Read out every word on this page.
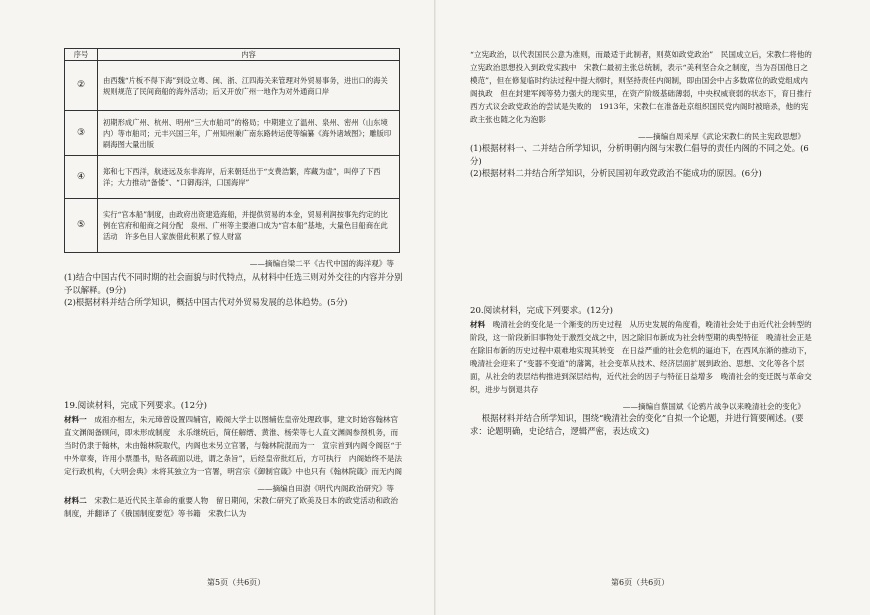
序号	内容
②	由西魏“片板不得下海”到设立粤、闽、浙、江四海关来管理对外贸易事务，进出口的海关规则规范了民间商船的海外活动；后又开放广州一地作为对外通商口岸
③	初期形成广州、杭州、明州“三大市舶司”的格局；中期建立了温州、泉州、密州（山东境内）等市舶司；元丰兴国三年，广州知州兼广南东路转运使等编纂《海外诸域图》；雕版印刷海图大量出版
④	郑和七下西洋，航迹远及东非海岸，后来朝廷出于“支费浩繁，库藏为虚”，叫停了下西洋；大力推动“备倭”、“口御海洋，口国海岸”
⑤	实行“官本船”制度，由政府出资建造海船，并提供贸易的本金，贸易利润按事先约定的比例在官府和船商之间分配　泉州、广州等主要港口成为“官本船”基地，大量色目船商在此活动　许多色目人家族借此积累了惊人财富
——摘编自梁二平《古代中国的海洋观》等

(1)结合中国古代不同时期的社会面貌与时代特点，从材料中任选三则对外交往的内容并分别予以解释。(9分)

(2)根据材料并结合所学知识，概括中国古代对外贸易发展的总体趋势。(5分)

19.阅读材料，完成下列要求。(12分)

材料一　成祖亦相左，朱元璋曾设置四辅官，殿阁大学士以图辅佐皇帝处理政事，建文时始容翰林官直文渊阁备顾问，即未形成制度　永乐继统后，简任解缙、黄淮、杨荣等七人直文渊阁参预机务，而当时仍隶于翰林，未由翰林院取代，内阁也未另立官署，与翰林院混而为一　宣宗首到内阁令阁臣“于中外章奏，许用小票墨书，贴各疏面以进，谓之条旨”，后经皇帝批红后，方可执行　内阁始终不是法定行政机构，《大明会典》未将其独立为一官署，明宫宗《御制官箴》中也只有《翰林院箴》而无内阁

——摘编自田澍《明代内阁政治研究》等

材料二　宋教仁是近代民主革命的重要人物　留日期间，宋教仁研究了欧美及日本的政党活动和政治制度，并翻译了《俄国制度要览》等书籍　宋教仁认为

第5页（共6页）

“立宪政治，以代表国民公意为准则，而最适于此制者，则莫如政党政治”　民国成立后，宋教仁将他的立宪政治思想投入到政党实践中　宋教仁最初主张总统制，表示“美利坚合众之制度，当为吾国他日之模范”，但在修复临时约法过程中提大纲时，则坚持责任内阁制，即由国会中占多数席位的政党组成内阁执政　但在封建军阀等势力强大的现实里，在资产阶级基础薄弱，中央权威衰弱的状态下，育日推行西方式议会政党政治的尝试是失败的　1913年，宋教仁在准备赴京组织国民党内阁时被暗杀，他的宪政主张也随之化为泡影

——摘编自周采厚《武论宋教仁的民主宪政思想》

(1)根据材料一、二并结合所学知识，分析明朝内阁与宋教仁倡导的责任内阁的不同之处。(6分)

(2)根据材料二并结合所学知识，分析民国初年政党政治不能成功的原因。(6分)

20.阅读材料，完成下列要求。(12分)

材料　晚清社会的变化是一个渐变的历史过程　从历史发展的角度看，晚清社会处于由近代社会转型的阶段，这一阶段新旧事物处于激烈交战之中，因之除旧布新成为社会转型期的典型特征　晚清社会正是在除旧布新的历史过程中艰难地实现其转变　在日益严重的社会危机的逼迫下，在西风东渐的推动下，晚清社会迎来了“变器不变道”的藩篱，社会变革从技术、经济层面扩展到政治、思想、文化等各个层面，从社会的表层结构推进到深层结构，近代社会的因子与特征日益增多　晚清社会的变迁既与革命交织，进步与倒退共存

——摘编自蔡国斌《论鸦片战争以来晚清社会的变化》

根据材料并结合所学知识，围绕“晚清社会的变化”自拟一个论题，并进行简要阐述。(要求：论题明确，史论结合，逻辑严密，表达成文)

第6页（共6页）
